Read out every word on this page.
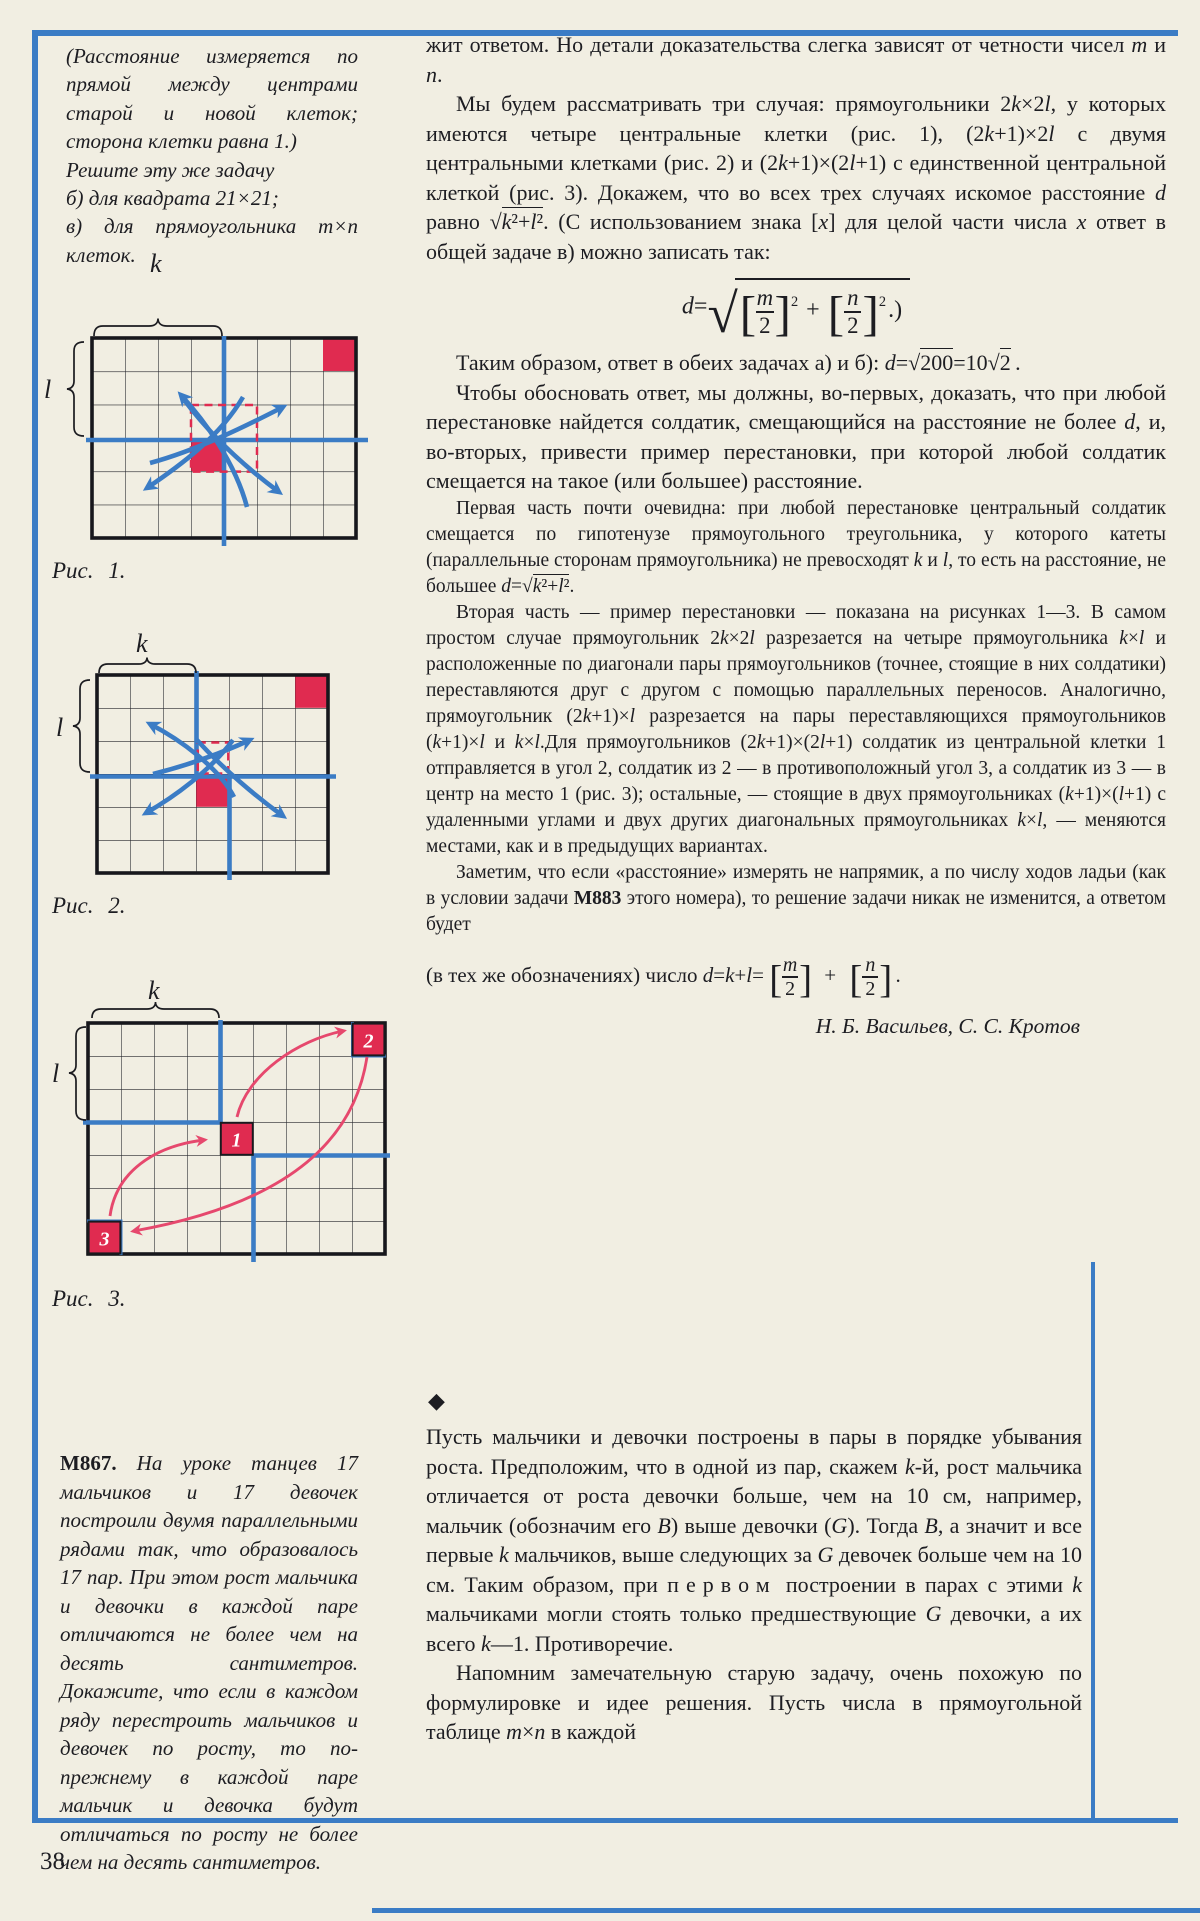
(Расстояние измеряется по прямой между центрами старой и новой клеток; сторона клетки равна 1.)

Решите эту же задачу

б) для квадрата 21×21;

в) для прямоугольника m×n клеток. k
l
Рис. 1.
k
l
Рис. 2.
k
l
1
2
3
Рис. 3.

М867. На уроке танцев 17 мальчиков и 17 девочек построили двумя параллельными рядами так, что образовалось 17 пар. При этом рост мальчика и девочки в каждой паре отличаются не более чем на десять сантиметров. Докажите, что если в каждом ряду перестроить мальчиков и девочек по росту, то по-прежнему в каждой паре мальчик и девочка будут отличаться по росту не более чем на десять сантиметров.

38

жит ответом. Но детали доказательства слегка зависят от четности чисел m и n.

Мы будем рассматривать три случая: прямоугольники 2k×2l, у которых имеются четыре центральные клетки (рис. 1), (2k+1)×2l с двумя центральными клетками (рис. 2) и (2k+1)×(2l+1) с единственной центральной клеткой (рис. 3). Докажем, что во всех трех случаях искомое расстояние d равно √k²+l². (С использованием знака [x] для целой части числа x ответ в общей задаче в) можно записать так:

$d=√[ \frac{m}{2} ]^2$ + [ $\frac{n}{2} ]^2$.)

Таким образом, ответ в обеих задачах а) и б): d=√200=10√2 .

Чтобы обосновать ответ, мы должны, во-первых, доказать, что при любой перестановке найдется солдатик, смещающийся на расстояние не более d, и, во-вторых, привести пример перестановки, при которой любой солдатик смещается на такое (или большее) расстояние.

Первая часть почти очевидна: при любой перестановке центральный солдатик смещается по гипотенузе прямоугольного треугольника, у которого катеты (параллельные сторонам прямоугольника) не превосходят k и l, то есть на расстояние, не большее d=√k²+l².

Вторая часть — пример перестановки — показана на рисунках 1—3. В самом простом случае прямоугольник 2k×2l разрезается на четыре прямоугольника k×l и расположенные по диагонали пары прямоугольников (точнее, стоящие в них солдатики) переставляются друг с другом с помощью параллельных переносов. Аналогично, прямоугольник (2k+1)×l разрезается на пары переставляющихся прямоугольников (k+1)×l и k×l.Для прямоугольников (2k+1)×(2l+1) солдатик из центральной клетки 1 отправляется в угол 2, солдатик из 2 — в противоположный угол 3, а солдатик из 3 — в центр на место 1 (рис. 3); остальные, — стоящие в двух прямоугольниках (k+1)×(l+1) с удаленными углами и двух других диагональных прямоугольниках k×l, — меняются местами, как и в предыдущих вариантах.

Заметим, что если «расстояние» измерять не напрямик, а по числу ходов ладьи (как в условии задачи М883 этого номера), то решение задачи никак не изменится, а ответом будет

(в тех же обозначениях) число d=k+l= [ $\frac{m}{2}$ ] + [ $\frac{n}{2}$ ] .
Н. Б. Васильев, С. С. Кротов
◆

Пусть мальчики и девочки построены в пары в порядке убывания роста. Предположим, что в одной из пар, скажем k-й, рост мальчика отличается от роста девочки больше, чем на 10 см, например, мальчик (обозначим его B) выше девочки (G). Тогда B, а значит и все первые k мальчиков, выше следующих за G девочек больше чем на 10 см. Таким образом, при первом построении в парах с этими k мальчиками могли стоять только предшествующие G девочки, а их всего k—1. Противоречие.

Напомним замечательную старую задачу, очень похожую по формулировке и идее решения. Пусть числа в прямоугольной таблице m×n в каждой
